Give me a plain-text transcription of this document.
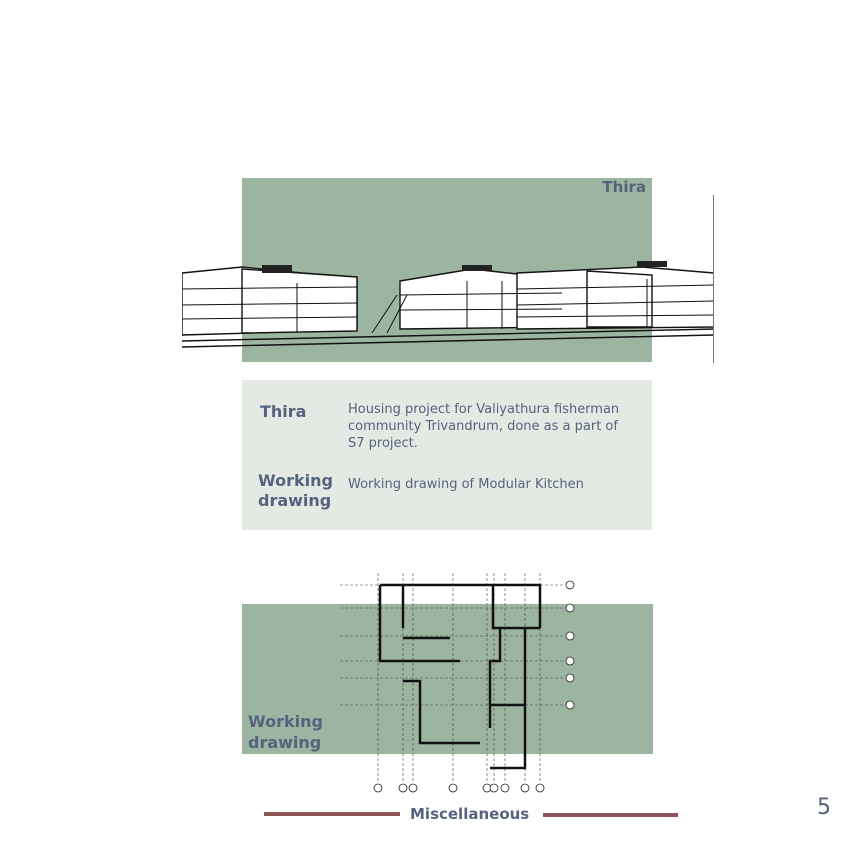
Thira
Thira	Housing project for Valiyathura fisherman community Trivandrum, done as a part of S7 project.
Working drawing
Working drawing of Modular Kitchen
Working drawing
Miscellaneous	5
